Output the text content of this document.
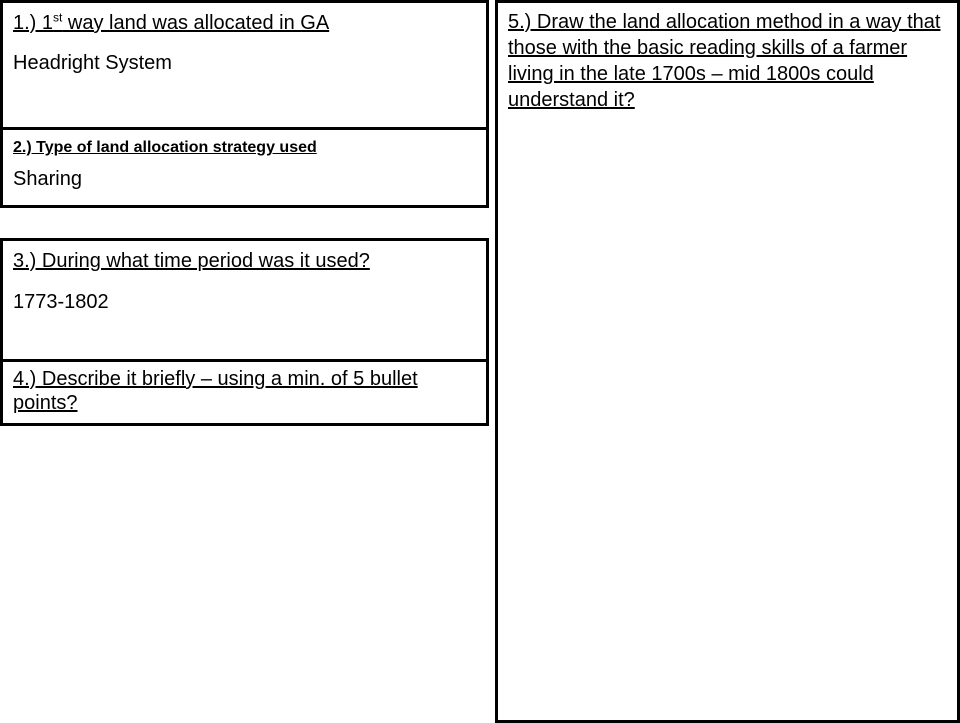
1.) 1st way land was allocated in GA

Headright System

2.) Type of land allocation strategy used

Sharing

3.) During what time period was it used?

1773-1802

4.) Describe it briefly – using a min. of 5 bullet points?

5.) Draw the land allocation method in a way that those with the basic reading skills of a farmer living in the late 1700s – mid 1800s could understand it?
